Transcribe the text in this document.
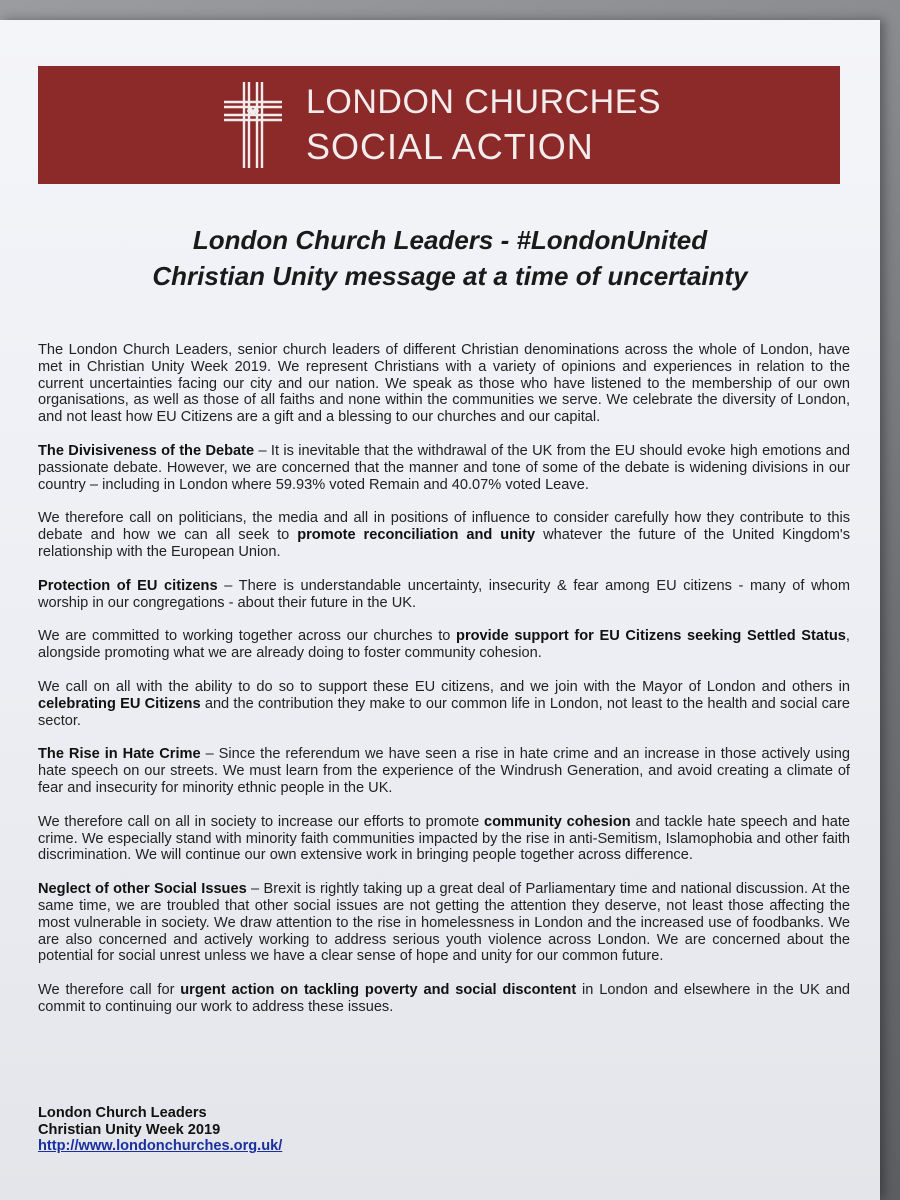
LONDON CHURCHES
SOCIAL ACTION
London Church Leaders - #LondonUnited
Christian Unity message at a time of uncertainty

The London Church Leaders, senior church leaders of different Christian denominations across the whole of London, have met in Christian Unity Week 2019. We represent Christians with a variety of opinions and experiences in relation to the current uncertainties facing our city and our nation. We speak as those who have listened to the membership of our own organisations, as well as those of all faiths and none within the communities we serve. We celebrate the diversity of London, and not least how EU Citizens are a gift and a blessing to our churches and our capital.

The Divisiveness of the Debate – It is inevitable that the withdrawal of the UK from the EU should evoke high emotions and passionate debate. However, we are concerned that the manner and tone of some of the debate is widening divisions in our country – including in London where 59.93% voted Remain and 40.07% voted Leave.

We therefore call on politicians, the media and all in positions of influence to consider carefully how they contribute to this debate and how we can all seek to promote reconciliation and unity whatever the future of the United Kingdom's relationship with the European Union.

Protection of EU citizens – There is understandable uncertainty, insecurity & fear among EU citizens - many of whom worship in our congregations - about their future in the UK.

We are committed to working together across our churches to provide support for EU Citizens seeking Settled Status, alongside promoting what we are already doing to foster community cohesion.

We call on all with the ability to do so to support these EU citizens, and we join with the Mayor of London and others in celebrating EU Citizens and the contribution they make to our common life in London, not least to the health and social care sector.

The Rise in Hate Crime – Since the referendum we have seen a rise in hate crime and an increase in those actively using hate speech on our streets. We must learn from the experience of the Windrush Generation, and avoid creating a climate of fear and insecurity for minority ethnic people in the UK.

We therefore call on all in society to increase our efforts to promote community cohesion and tackle hate speech and hate crime. We especially stand with minority faith communities impacted by the rise in anti-Semitism, Islamophobia and other faith discrimination. We will continue our own extensive work in bringing people together across difference.

Neglect of other Social Issues – Brexit is rightly taking up a great deal of Parliamentary time and national discussion. At the same time, we are troubled that other social issues are not getting the attention they deserve, not least those affecting the most vulnerable in society. We draw attention to the rise in homelessness in London and the increased use of foodbanks. We are also concerned and actively working to address serious youth violence across London. We are concerned about the potential for social unrest unless we have a clear sense of hope and unity for our common future.

We therefore call for urgent action on tackling poverty and social discontent in London and elsewhere in the UK and commit to continuing our work to address these issues.

London Church Leaders
Christian Unity Week 2019
http://www.londonchurches.org.uk/
